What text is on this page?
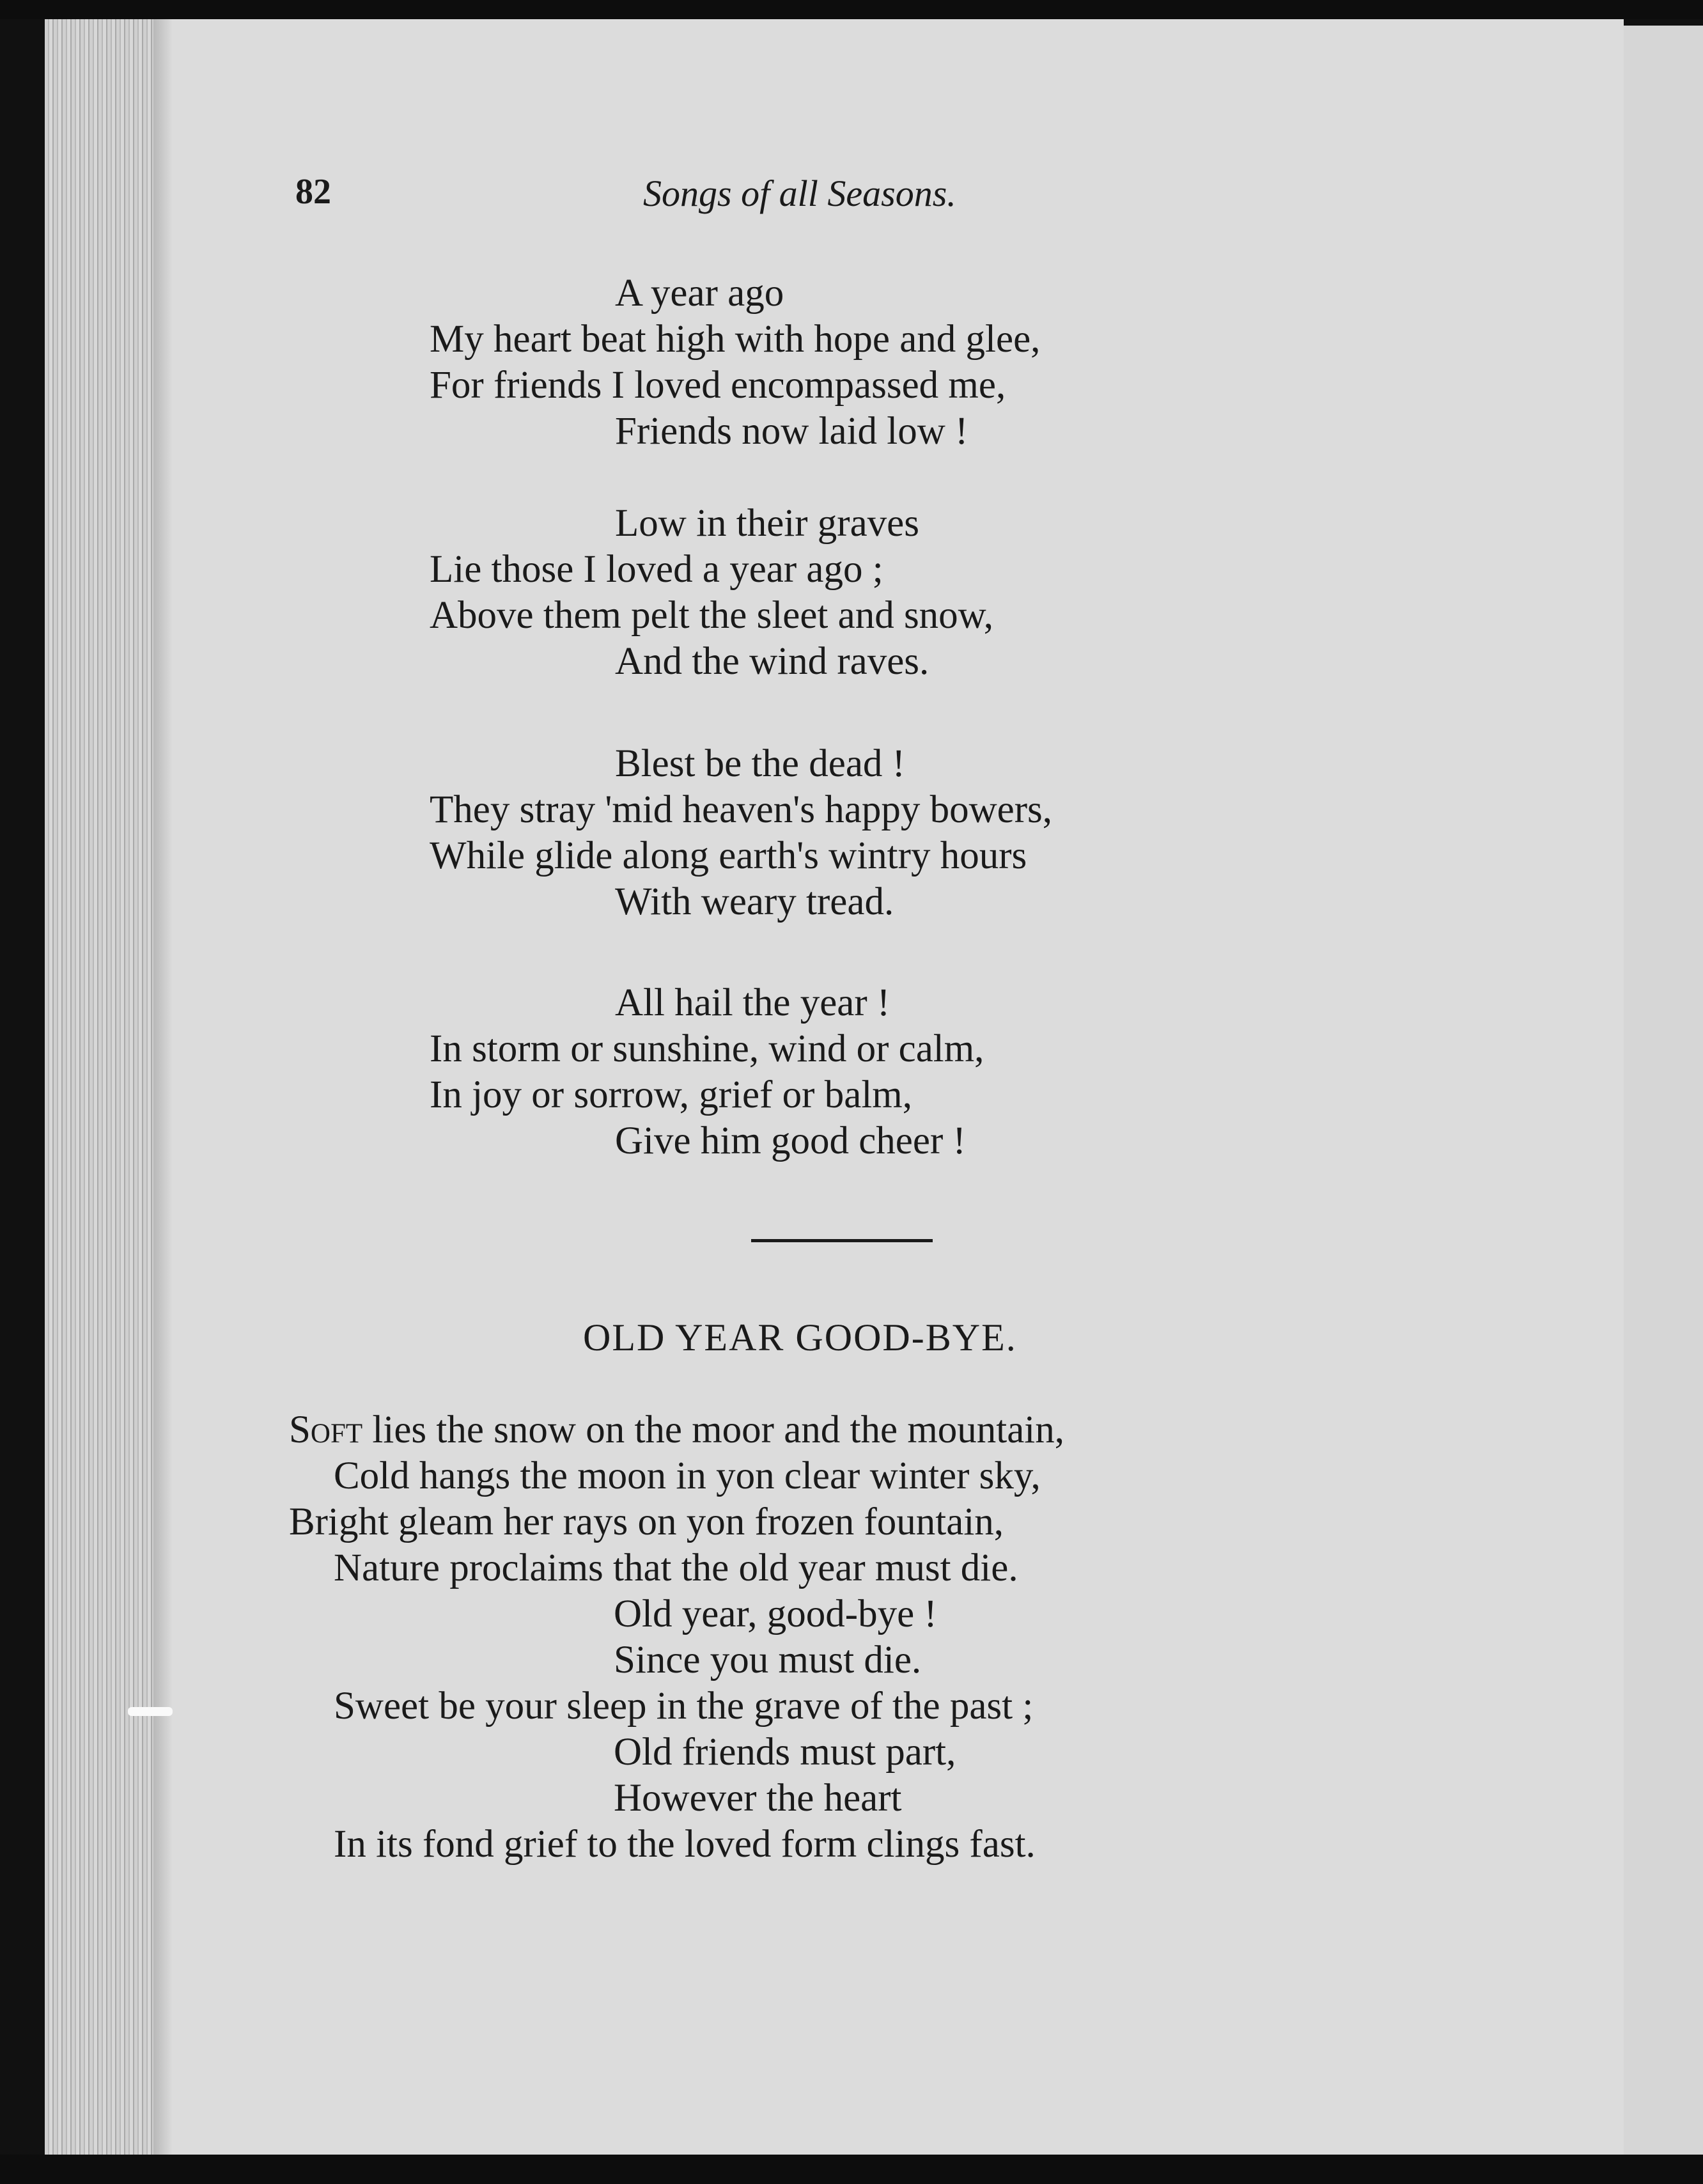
82	Songs of all Seasons.
A year ago
My heart beat high with hope and glee,
For friends I loved encompassed me,
Friends now laid low !
Low in their graves
Lie those I loved a year ago ;
Above them pelt the sleet and snow,
And the wind raves.
Blest be the dead !
They stray 'mid heaven's happy bowers,
While glide along earth's wintry hours
With weary tread.
All hail the year !
In storm or sunshine, wind or calm,
In joy or sorrow, grief or balm,
Give him good cheer !
OLD YEAR GOOD-BYE.
Soft lies the snow on the moor and the mountain,
Cold hangs the moon in yon clear winter sky,
Bright gleam her rays on yon frozen fountain,
Nature proclaims that the old year must die.
Old year, good-bye !
Since you must die.
Sweet be your sleep in the grave of the past ;
Old friends must part,
However the heart
In its fond grief to the loved form clings fast.
